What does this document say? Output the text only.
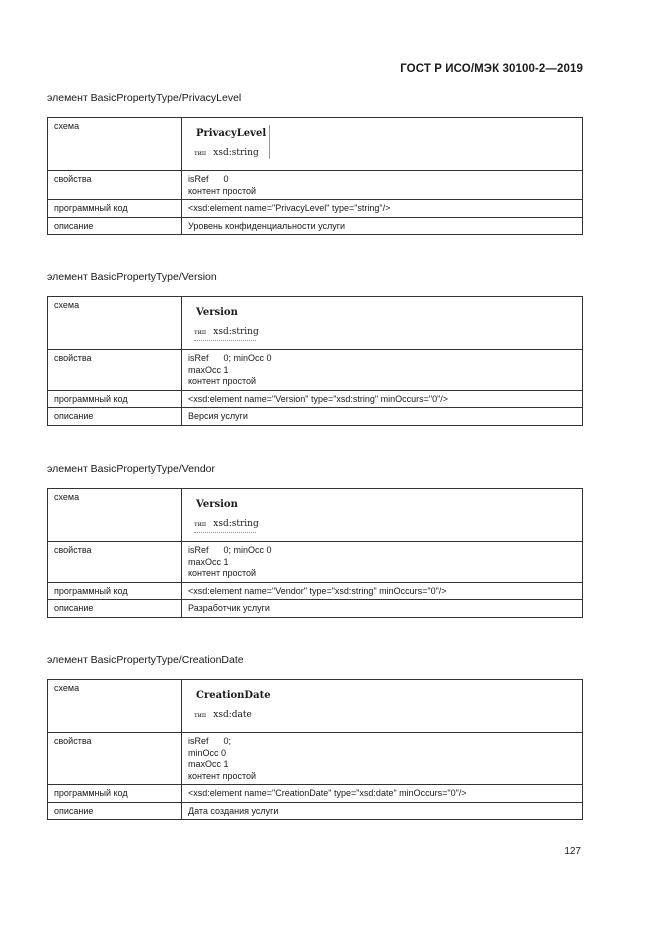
ГОСТ Р ИСО/МЭК 30100-2—2019
элемент BasicPropertyType/PrivacyLevel
схема	PrivacyLevel
тип xsd:string

свойства	isRef      0
контент простой

программный код	<xsd:element name="PrivacyLevel" type="string"/>
описание	Уровень конфиденциальности услуги
элемент BasicPropertyType/Version
схема	Version
тип xsd:string

свойства	isRef      0; minOcc 0
maxOcc 1
контент простой

программный код	<xsd:element name="Version" type="xsd:string" minOccurs="0"/>
описание	Версия услуги
элемент BasicPropertyType/Vendor
схема	Version
тип xsd:string

свойства	isRef      0; minOcc 0
maxOcc 1
контент простой

программный код	<xsd:element name="Vendor" type="xsd:string" minOccurs="0"/>
описание	Разработчик услуги
элемент BasicPropertyType/CreationDate
схема	CreationDate
тип xsd:date

свойства	isRef      0;
minOcc 0
maxOcc 1
контент простой

программный код	<xsd:element name="CreationDate" type="xsd:date" minOccurs="0"/>
описание	Дата создания услуги
127
